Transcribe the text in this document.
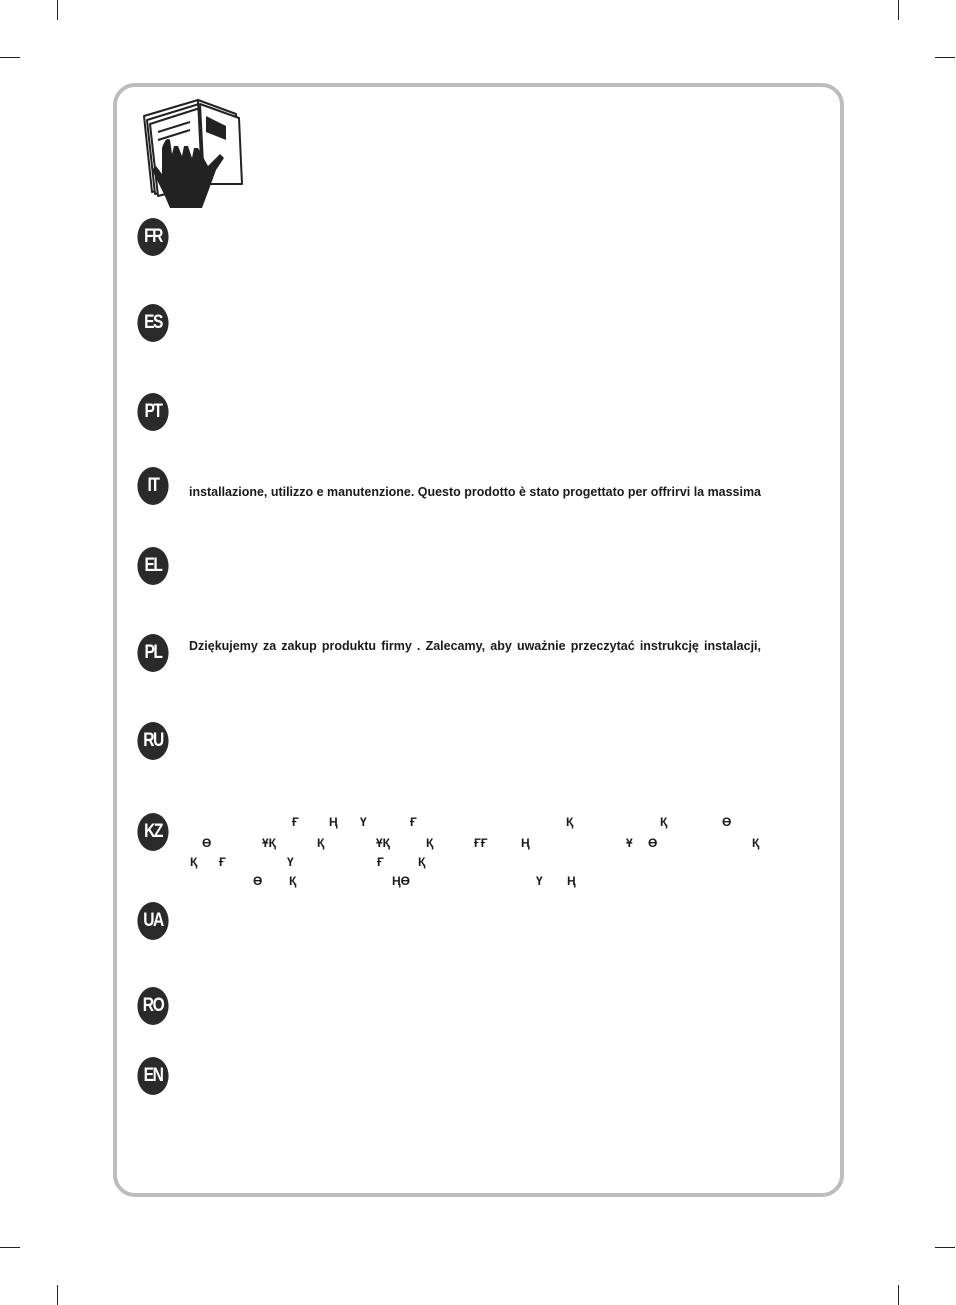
FR
ES
PT
IT	installazione, utilizzo e manutenzione. Questo prodotto è stato progettato per offrirvi la massima
EL
PL	Dziękujemy za zakup produktu firmy . Zalecamy, aby uważnie przeczytać instrukcję instalacji,
RU
KZ	Ғ	Ң Ү	Ғ	Қ	Қ	Ө
Ө	ҰҚ	Қ	ҰҚ	Қ	ҒҒ	Ң	Ұ Ө	Қ
Қ Ғ	Ү	Ғ	Қ
Ө Қ	ҢӨ	Ү Ң
UA
RO
EN
